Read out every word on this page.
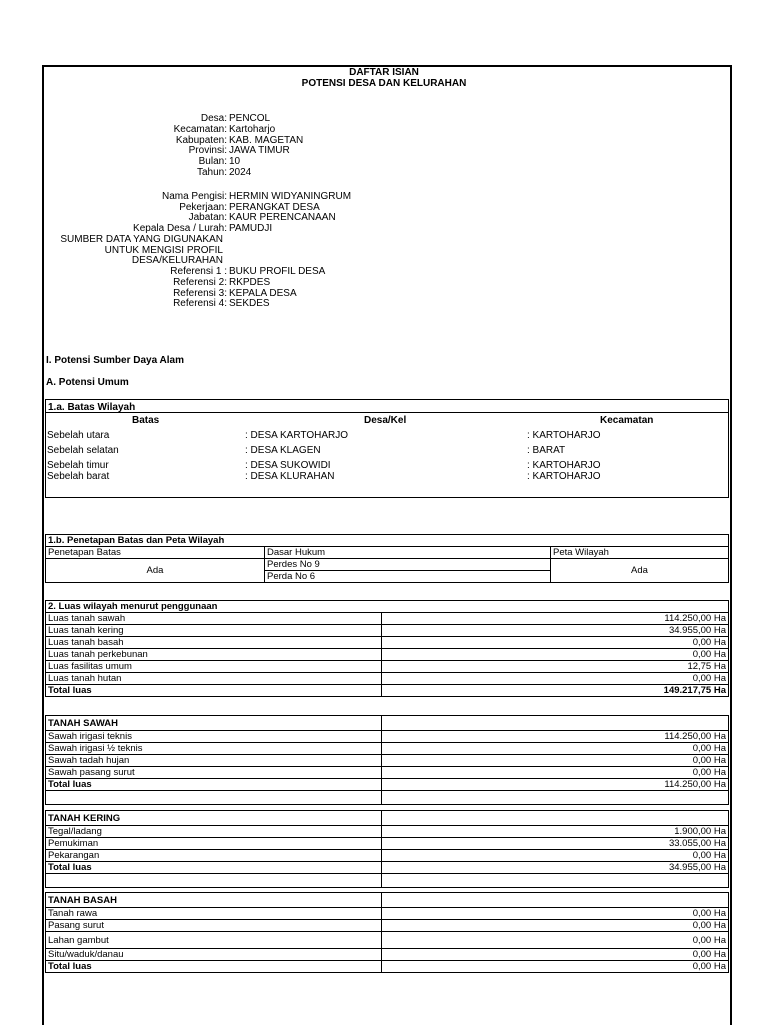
DAFTAR ISIAN
POTENSI DESA DAN KELURAHAN
Desa: PENCOL
Kecamatan: Kartoharjo
Kabupaten: KAB. MAGETAN
Provinsi: JAWA TIMUR
Bulan: 10
Tahun: 2024
Nama Pengisi: HERMIN WIDYANINGRUM
Pekerjaan: PERANGKAT DESA
Jabatan: KAUR PERENCANAAN
Kepala Desa / Lurah: PAMUDJI
SUMBER DATA YANG DIGUNAKAN
UNTUK MENGISI PROFIL
DESA/KELURAHAN
Referensi 1 : BUKU PROFIL DESA
Referensi 2: RKPDES
Referensi 3: KEPALA DESA
Referensi 4: SEKDES
I. Potensi Sumber Daya Alam
A. Potensi Umum
1.a. Batas Wilayah
Batas	Desa/Kel	Kecamatan
Sebelah utara	: DESA KARTOHARJO	: KARTOHARJO
Sebelah selatan	: DESA KLAGEN	: BARAT
Sebelah timur	: DESA SUKOWIDI	: KARTOHARJO
Sebelah barat	: DESA KLURAHAN	: KARTOHARJO
1.b. Penetapan Batas dan Peta Wilayah		
Penetapan Batas	Dasar Hukum	Peta Wilayah
Ada	Perdes No 9	Ada
	Perda No 6	
2. Luas wilayah menurut penggunaan	
Luas tanah sawah	114.250,00 Ha
Luas tanah kering	34.955,00 Ha
Luas tanah basah	0,00 Ha
Luas tanah perkebunan	0,00 Ha
Luas fasilitas umum	12,75 Ha
Luas tanah hutan	0,00 Ha
Total luas	149.217,75 Ha
TANAH SAWAH	
Sawah irigasi teknis	114.250,00 Ha
Sawah irigasi ½ teknis	0,00 Ha
Sawah tadah hujan	0,00 Ha
Sawah pasang surut	0,00 Ha
Total luas	114.250,00 Ha

TANAH KERING	
Tegal/ladang	1.900,00 Ha
Pemukiman	33.055,00 Ha
Pekarangan	0,00 Ha
Total luas	34.955,00 Ha

TANAH BASAH	
Tanah rawa	0,00 Ha
Pasang surut	0,00 Ha
Lahan gambut	0,00 Ha
Situ/waduk/danau	0,00 Ha
Total luas	0,00 Ha
